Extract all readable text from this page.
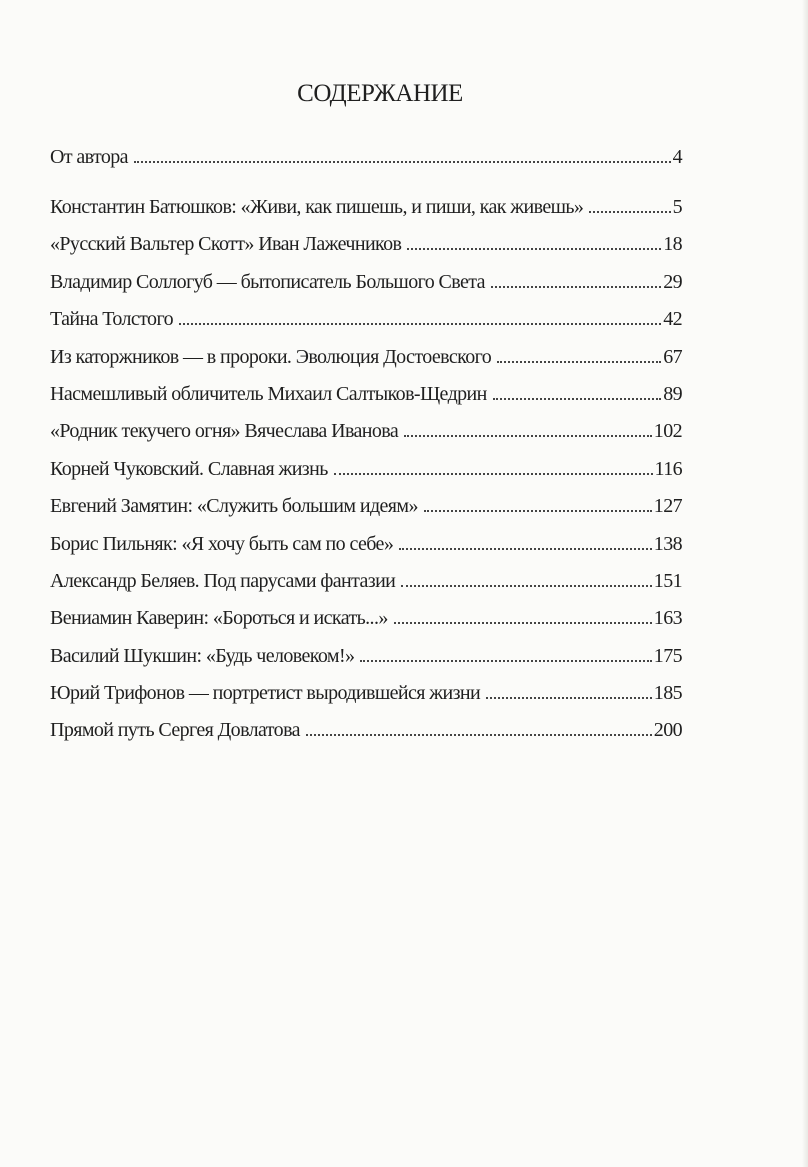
СОДЕРЖАНИЕ
От автора	4
Константин Батюшков: «Живи, как пишешь, и пиши, как живешь»	5
«Русский Вальтер Скотт» Иван Лажечников	18
Владимир Соллогуб — бытописатель Большого Света	29
Тайна Толстого	42
Из каторжников — в пророки. Эволюция Достоевского	67
Насмешливый обличитель Михаил Салтыков-Щедрин	89
«Родник текучего огня» Вячеслава Иванова	102
Корней Чуковский. Славная жизнь	116
Евгений Замятин: «Служить большим идеям»	127
Борис Пильняк: «Я хочу быть сам по себе»	138
Александр Беляев. Под парусами фантазии	151
Вениамин Каверин: «Бороться и искать...»	163
Василий Шукшин: «Будь человеком!»	175
Юрий Трифонов — портретист выродившейся жизни	185
Прямой путь Сергея Довлатова	200
